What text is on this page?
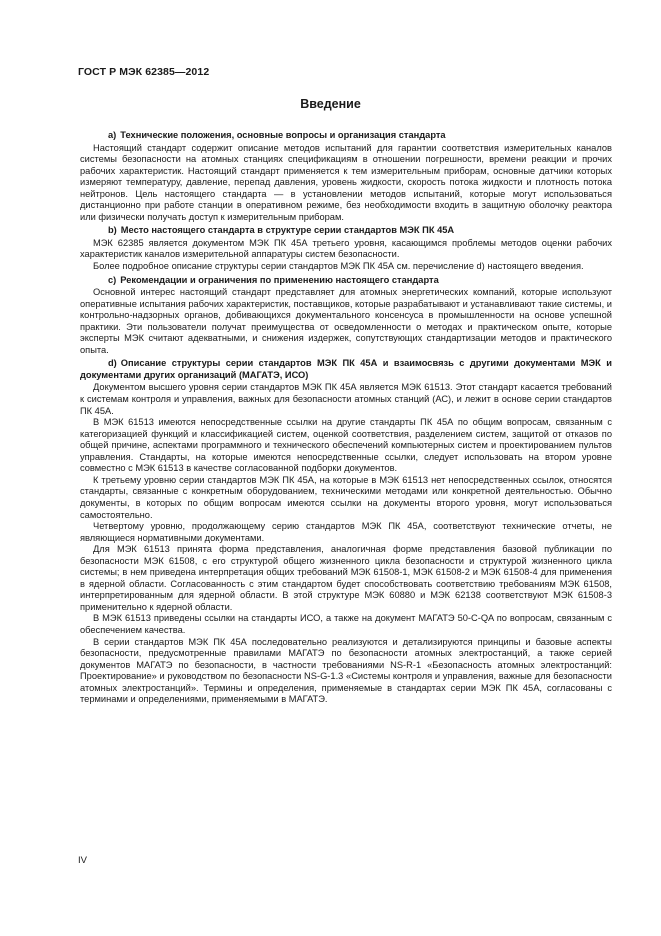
ГОСТ Р МЭК 62385—2012
Введение

а) Технические положения, основные вопросы и организация стандарта

Настоящий стандарт содержит описание методов испытаний для гарантии соответствия измерительных каналов системы безопасности на атомных станциях спецификациям в отношении погрешности, времени реакции и прочих рабочих характеристик. Настоящий стандарт применяется к тем измерительным приборам, основные датчики которых измеряют температуру, давление, перепад давления, уровень жидкости, скорость потока жидкости и плотность потока нейтронов. Цель настоящего стандарта — в установлении методов испытаний, которые могут использоваться дистанционно при работе станции в оперативном режиме, без необходимости входить в защитную оболочку реактора или физически получать доступ к измерительным приборам.

b) Место настоящего стандарта в структуре серии стандартов МЭК ПК 45А

МЭК 62385 является документом МЭК ПК 45А третьего уровня, касающимся проблемы методов оценки рабочих характеристик каналов измерительной аппаратуры систем безопасности.

Более подробное описание структуры серии стандартов МЭК ПК 45А см. перечисление d) настоящего введения.

c) Рекомендации и ограничения по применению настоящего стандарта

Основной интерес настоящий стандарт представляет для атомных энергетических компаний, которые используют оперативные испытания рабочих характеристик, поставщиков, которые разрабатывают и устанавливают такие системы, и контрольно-надзорных органов, добивающихся документального консенсуса в промышленности на основе успешной практики. Эти пользователи получат преимущества от осведомленности о методах и практическом опыте, которые эксперты МЭК считают адекватными, и снижения издержек, сопутствующих стандартизации методов и практического опыта.

d) Описание структуры серии стандартов МЭК ПК 45А и взаимосвязь с другими документами МЭК и документами других организаций (МАГАТЭ, ИСО)

Документом высшего уровня серии стандартов МЭК ПК 45А является МЭК 61513. Этот стандарт касается требований к системам контроля и управления, важных для безопасности атомных станций (АС), и лежит в основе серии стандартов ПК 45А.

В МЭК 61513 имеются непосредственные ссылки на другие стандарты ПК 45А по общим вопросам, связанным с категоризацией функций и классификацией систем, оценкой соответствия, разделением систем, защитой от отказов по общей причине, аспектами программного и технического обеспечений компьютерных систем и проектированием пультов управления. Стандарты, на которые имеются непосредственные ссылки, следует использовать на втором уровне совместно с МЭК 61513 в качестве согласованной подборки документов.

К третьему уровню серии стандартов МЭК ПК 45А, на которые в МЭК 61513 нет непосредственных ссылок, относятся стандарты, связанные с конкретным оборудованием, техническими методами или конкретной деятельностью. Обычно документы, в которых по общим вопросам имеются ссылки на документы второго уровня, могут использоваться самостоятельно.

Четвертому уровню, продолжающему серию стандартов МЭК ПК 45А, соответствуют технические отчеты, не являющиеся нормативными документами.

Для МЭК 61513 принята форма представления, аналогичная форме представления базовой публикации по безопасности МЭК 61508, с его структурой общего жизненного цикла безопасности и структурой жизненного цикла системы; в нем приведена интерпретация общих требований МЭК 61508-1, МЭК 61508-2 и МЭК 61508-4 для применения в ядерной области. Согласованность с этим стандартом будет способствовать соответствию требованиям МЭК 61508, интерпретированным для ядерной области. В этой структуре МЭК 60880 и МЭК 62138 соответствуют МЭК 61508-3 применительно к ядерной области.

В МЭК 61513 приведены ссылки на стандарты ИСО, а также на документ МАГАТЭ 50-C-QA по вопросам, связанным с обеспечением качества.

В серии стандартов МЭК ПК 45А последовательно реализуются и детализируются принципы и базовые аспекты безопасности, предусмотренные правилами МАГАТЭ по безопасности атомных электростанций, а также серией документов МАГАТЭ по безопасности, в частности требованиями NS-R-1 «Безопасность атомных электростанций: Проектирование» и руководством по безопасности NS-G-1.3 «Системы контроля и управления, важные для безопасности атомных электростанций». Термины и определения, применяемые в стандартах серии МЭК ПК 45А, согласованы с терминами и определениями, применяемыми в МАГАТЭ.

IV
